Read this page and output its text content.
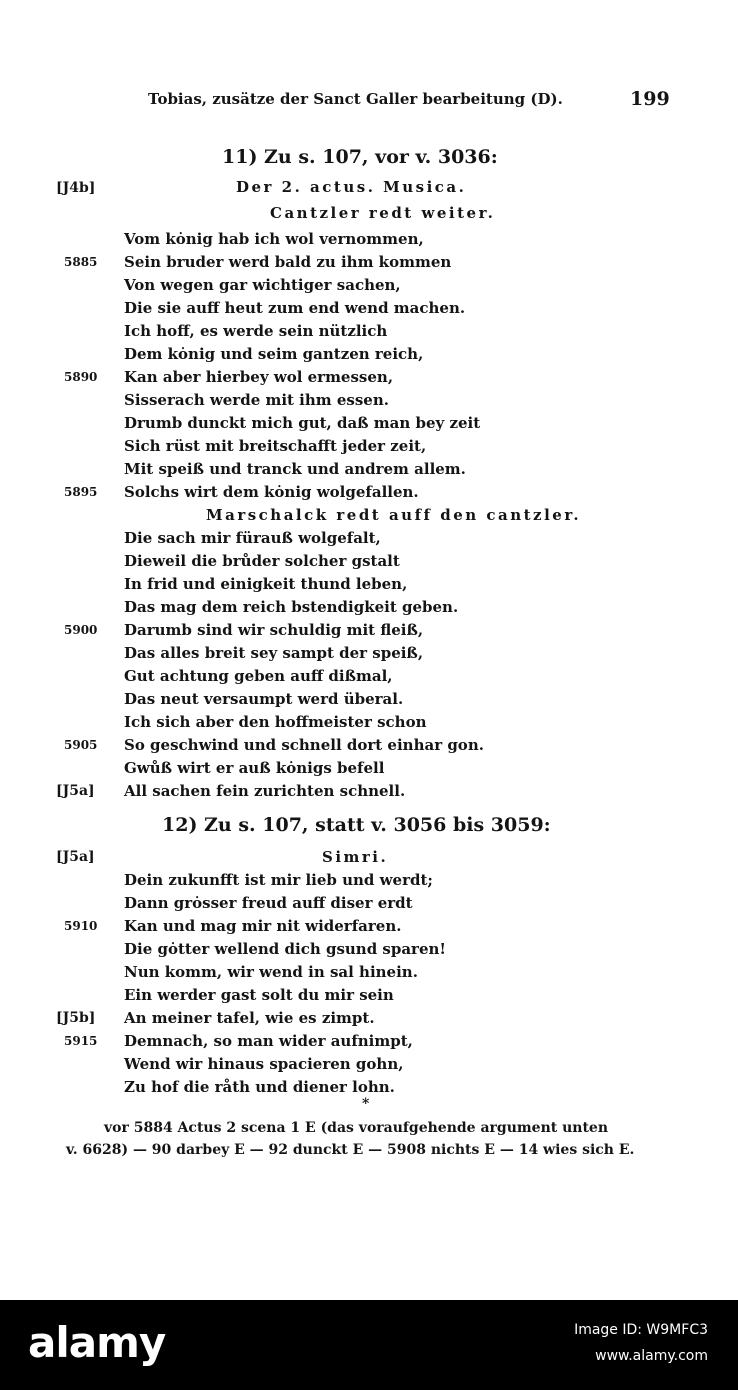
Tobias, zusätze der Sanct Galler bearbeitung (D).	199
11) Zu s. 107, vor v. 3036:
[J4b]	Der 2. actus. Musica.
Cantzler redt weiter.
Vom kȯnig hab ich wol vernommen,
5885 Sein bruder werd bald zu ihm kommen
Von wegen gar wichtiger sachen,
Die sie auff heut zum end wend machen.
Ich hoff, es werde sein nützlich
Dem kȯnig und seim gantzen reich,
5890 Kan aber hierbey wol ermessen,
Sisserach werde mit ihm essen.
Drumb dunckt mich gut, daß man bey zeit
Sich rüst mit breitschafft jeder zeit,
Mit speiß und tranck und andrem allem.
5895 Solchs wirt dem kȯnig wolgefallen.
Marschalck redt auff den cantzler.
Die sach mir fürauß wolgefalt,
Dieweil die brůder solcher gstalt
In frid und einigkeit thund leben,
Das mag dem reich bstendigkeit geben.
5900 Darumb sind wir schuldig mit fleiß,
Das alles breit sey sampt der speiß,
Gut achtung geben auff dißmal,
Das neut versaumpt werd überal.
Ich sich aber den hoffmeister schon
5905 So geschwind und schnell dort einhar gon.
Gwůß wirt er auß kȯnigs befell
[J5a] All sachen fein zurichten schnell.
12) Zu s. 107, statt v. 3056 bis 3059:
[J5a]	Simri.
Dein zukunfft ist mir lieb und werdt;
Dann grȯsser freud auff diser erdt
5910 Kan und mag mir nit widerfaren.
Die gȯtter wellend dich gsund sparen!
Nun komm, wir wend in sal hinein.
Ein werder gast solt du mir sein
[J5b] An meiner tafel, wie es zimpt.
5915 Demnach, so man wider aufnimpt,
Wend wir hinaus spacieren gohn,
Zu hof die råth und diener lohn.
*
vor 5884 Actus 2 scena 1 E (das voraufgehende argument unten
v. 6628) — 90 darbey E — 92 dunckt E — 5908 nichts E — 14 wies sich E.
alamy	Image ID: W9MFC3
www.alamy.com
